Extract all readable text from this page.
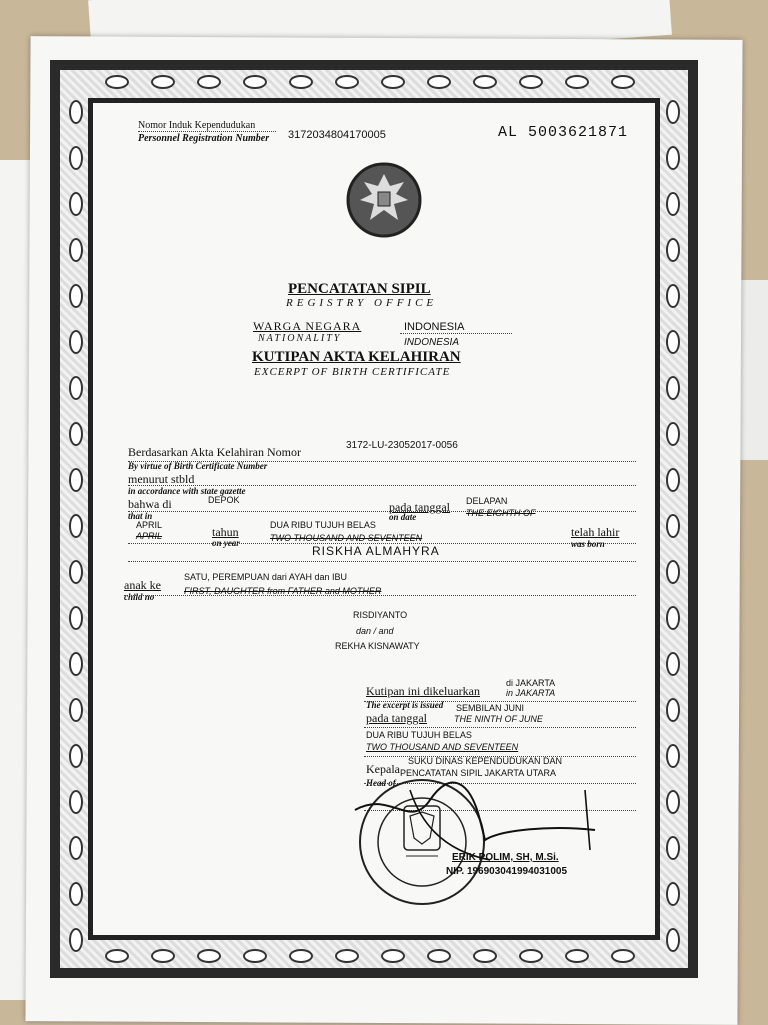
Nomor Induk Kependudukan
Personnel Registration Number 3172034804170005	AL 5003621871
PENCATATAN SIPIL
REGISTRY OFFICE
WARGA NEGARA
NATIONALITY
INDONESIA
INDONESIA
KUTIPAN AKTA KELAHIRAN
EXCERPT OF BIRTH CERTIFICATE
Berdasarkan Akta Kelahiran Nomor	3172-LU-23052017-0056
By virtue of Birth Certificate Number
menurut stbld
in accordance with state gazette
bahwa di	DEPOK
that in
pada tanggal
on date
DELAPAN
THE EIGHTH OF
APRIL
APRIL	tahun
on year
DUA RIBU TUJUH BELAS
TWO THOUSAND AND SEVENTEEN	telah lahir
was born
RISKHA ALMAHYRA
anak ke
child no
SATU, PEREMPUAN dari AYAH dan IBU
FIRST, DAUGHTER from FATHER and MOTHER
RISDIYANTO
dan / and
REKHA KISNAWATY
Kutipan ini dikeluarkan
di JAKARTA
in JAKARTA
The excerpt is issued SEMBILAN JUNI
pada tanggal	THE NINTH OF JUNE
DUA RIBU TUJUH BELAS
TWO THOUSAND AND SEVENTEEN
Kepala
Head of
SUKU DINAS KEPENDUDUKAN DAN
PENCATATAN SIPIL JAKARTA UTARA
ERIK POLIM, SH, M.Si.
NIP. 196903041994031005
